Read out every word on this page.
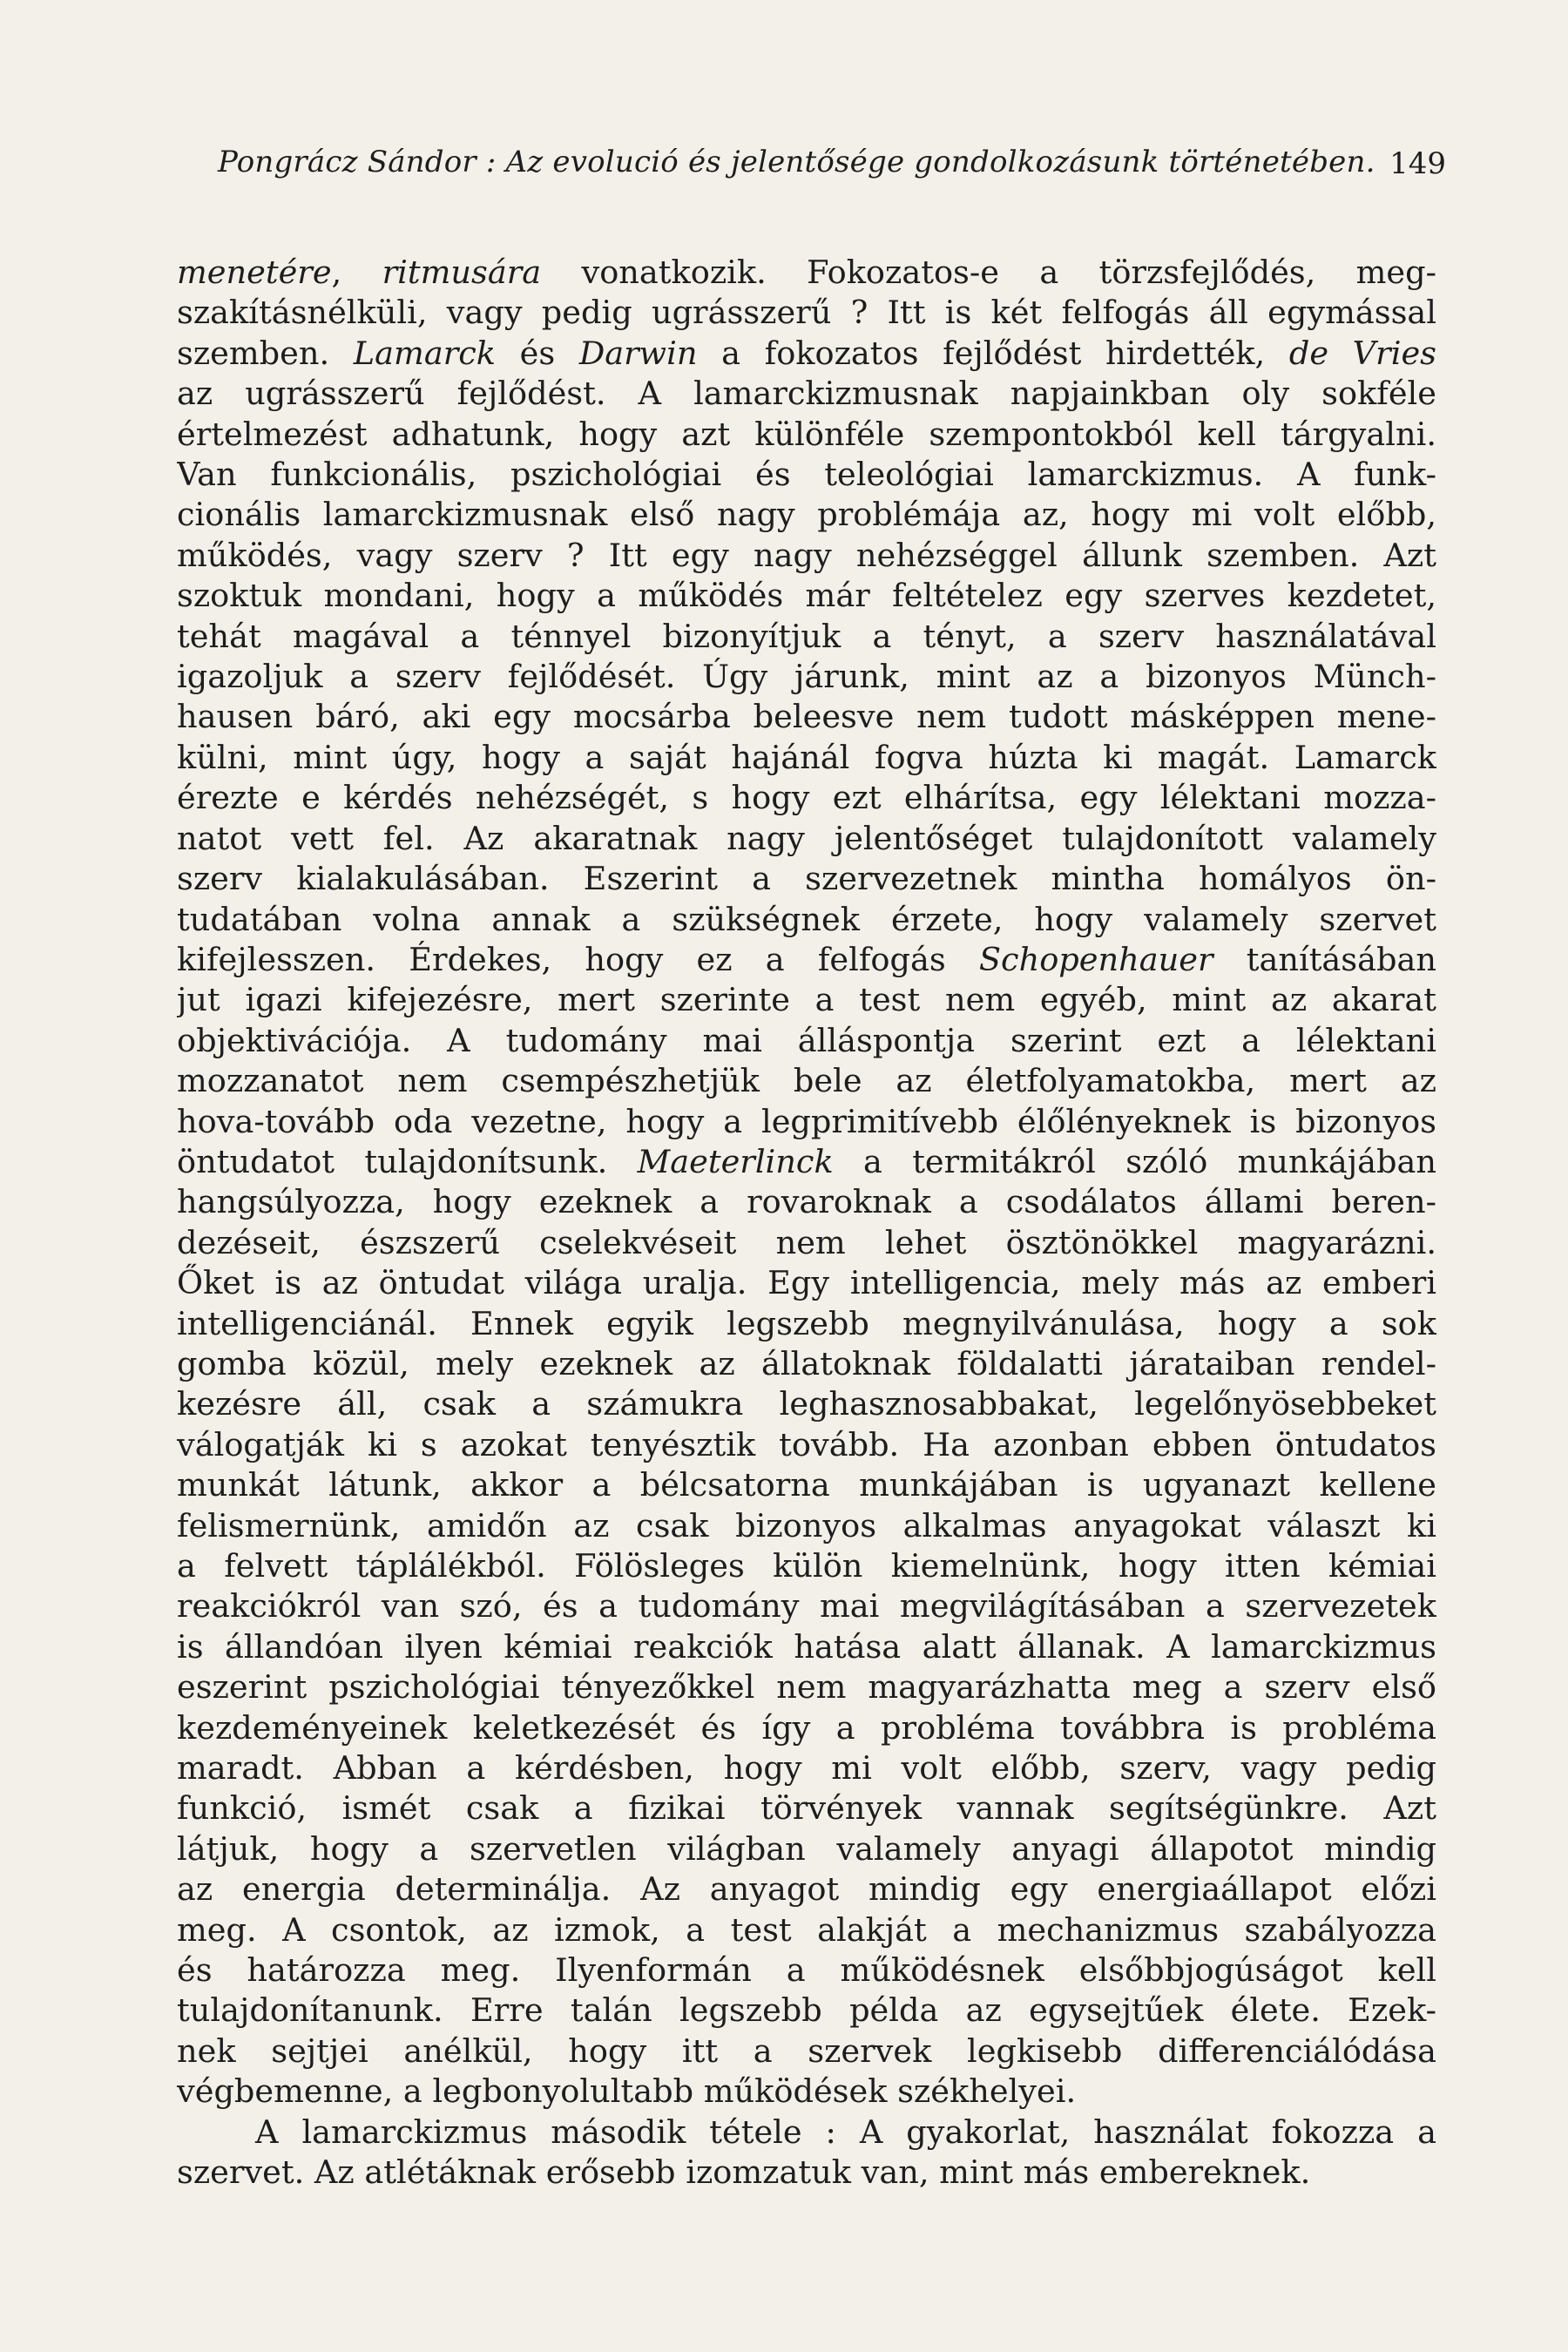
Pongrácz Sándor : Az evolució és jelentősége gondolkozásunk történetében. 149
menetére, ritmusára vonatkozik. Fokozatos-e a törzsfejlődés, meg-
szakításnélküli, vagy pedig ugrásszerű ? Itt is két felfogás áll egymással
szemben. Lamarck és Darwin a fokozatos fejlődést hirdették, de Vries
az ugrásszerű fejlődést. A lamarckizmusnak napjainkban oly sokféle
értelmezést adhatunk, hogy azt különféle szempontokból kell tárgyalni.
Van funkcionális, pszichológiai és teleológiai lamarckizmus. A funk-
cionális lamarckizmusnak első nagy problémája az, hogy mi volt előbb,
működés, vagy szerv ? Itt egy nagy nehézséggel állunk szemben. Azt
szoktuk mondani, hogy a működés már feltételez egy szerves kezdetet,
tehát magával a ténnyel bizonyítjuk a tényt, a szerv használatával
igazoljuk a szerv fejlődését. Úgy járunk, mint az a bizonyos Münch-
hausen báró, aki egy mocsárba beleesve nem tudott másképpen mene-
külni, mint úgy, hogy a saját hajánál fogva húzta ki magát. Lamarck
érezte e kérdés nehézségét, s hogy ezt elhárítsa, egy lélektani mozza-
natot vett fel. Az akaratnak nagy jelentőséget tulajdonított valamely
szerv kialakulásában. Eszerint a szervezetnek mintha homályos ön-
tudatában volna annak a szükségnek érzete, hogy valamely szervet
kifejlesszen. Érdekes, hogy ez a felfogás Schopenhauer tanításában
jut igazi kifejezésre, mert szerinte a test nem egyéb, mint az akarat
objektivációja. A tudomány mai álláspontja szerint ezt a lélektani
mozzanatot nem csempészhetjük bele az életfolyamatokba, mert az
hova-tovább oda vezetne, hogy a legprimitívebb élőlényeknek is bizonyos
öntudatot tulajdonítsunk. Maeterlinck a termitákról szóló munkájában
hangsúlyozza, hogy ezeknek a rovaroknak a csodálatos állami beren-
dezéseit, észszerű cselekvéseit nem lehet ösztönökkel magyarázni.
Őket is az öntudat világa uralja. Egy intelligencia, mely más az emberi
intelligenciánál. Ennek egyik legszebb megnyilvánulása, hogy a sok
gomba közül, mely ezeknek az állatoknak földalatti járataiban rendel-
kezésre áll, csak a számukra leghasznosabbakat, legelőnyösebbeket
válogatják ki s azokat tenyésztik tovább. Ha azonban ebben öntudatos
munkát látunk, akkor a bélcsatorna munkájában is ugyanazt kellene
felismernünk, amidőn az csak bizonyos alkalmas anyagokat választ ki
a felvett táplálékból. Fölösleges külön kiemelnünk, hogy itten kémiai
reakciókról van szó, és a tudomány mai megvilágításában a szervezetek
is állandóan ilyen kémiai reakciók hatása alatt állanak. A lamarckizmus
eszerint pszichológiai tényezőkkel nem magyarázhatta meg a szerv első
kezdeményeinek keletkezését és így a probléma továbbra is probléma
maradt. Abban a kérdésben, hogy mi volt előbb, szerv, vagy pedig
funkció, ismét csak a fizikai törvények vannak segítségünkre. Azt
látjuk, hogy a szervetlen világban valamely anyagi állapotot mindig
az energia determinálja. Az anyagot mindig egy energiaállapot előzi
meg. A csontok, az izmok, a test alakját a mechanizmus szabályozza
és határozza meg. Ilyenformán a működésnek elsőbbjogúságot kell
tulajdonítanunk. Erre talán legszebb példa az egysejtűek élete. Ezek-
nek sejtjei anélkül, hogy itt a szervek legkisebb differenciálódása
végbemenne, a legbonyolultabb működések székhelyei.
A lamarckizmus második tétele : A gyakorlat, használat fokozza a
szervet. Az atlétáknak erősebb izomzatuk van, mint más embereknek.
